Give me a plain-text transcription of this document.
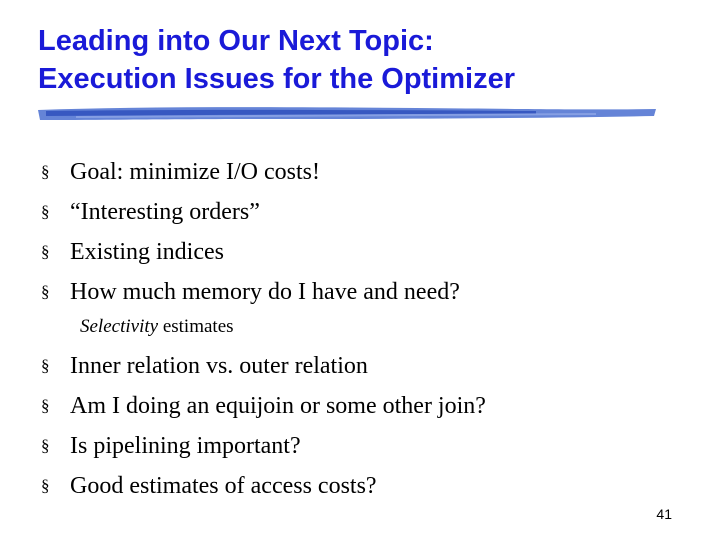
Leading into Our Next Topic:
Execution Issues for the Optimizer
§ Goal: minimize I/O costs!
§ “Interesting orders”
§ Existing indices
§ How much memory do I have and need?
Selectivity estimates
§ Inner relation vs. outer relation
§ Am I doing an equijoin or some other join?
§ Is pipelining important?
§ Good estimates of access costs?
41
